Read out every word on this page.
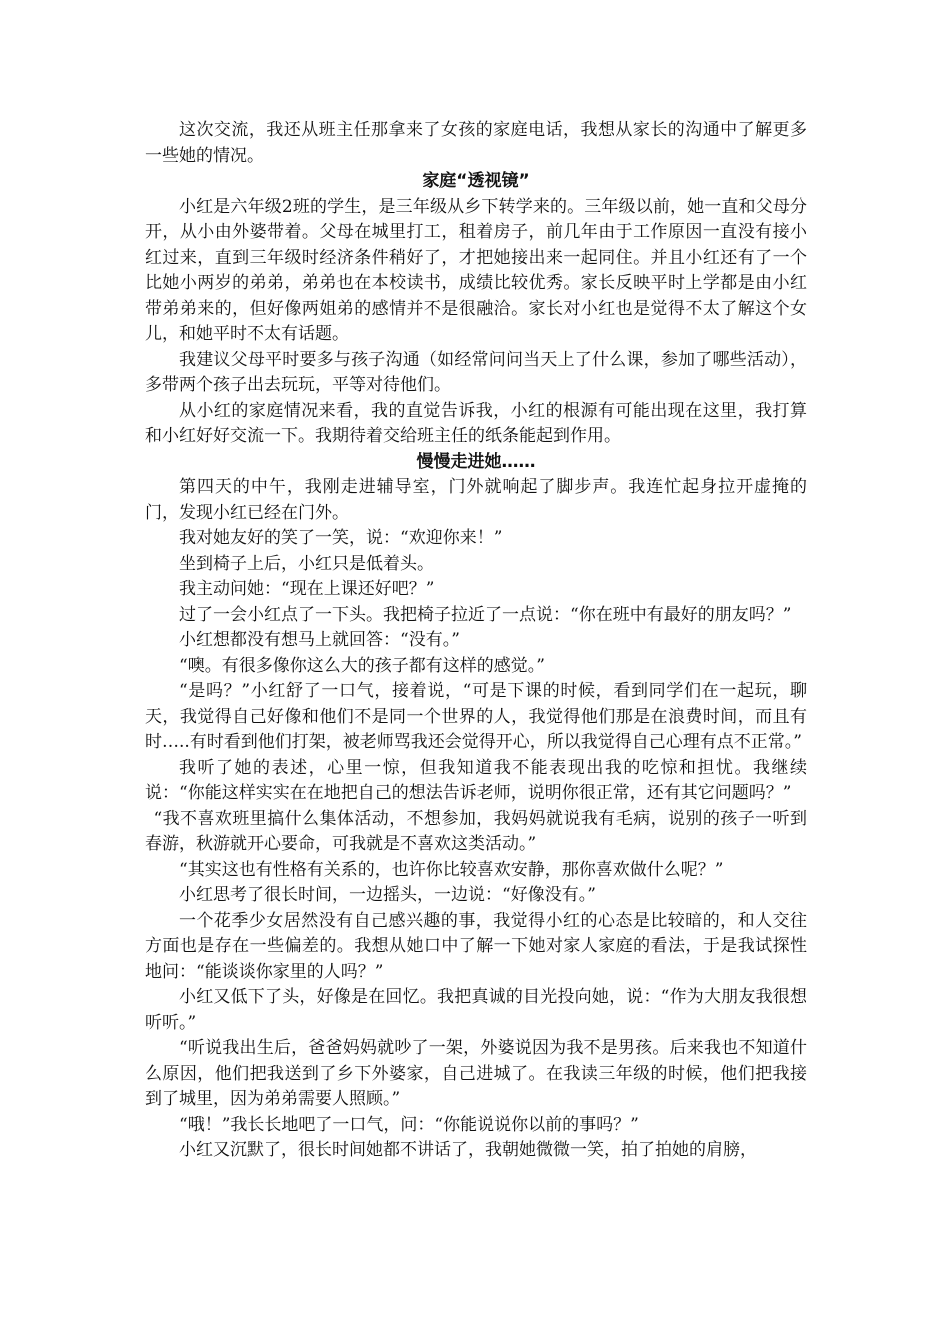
这次交流，我还从班主任那拿来了女孩的家庭电话，我想从家长的沟通中了解更多一些她的情况。

家庭“透视镜”

小红是六年级2班的学生，是三年级从乡下转学来的。三年级以前，她一直和父母分开，从小由外婆带着。父母在城里打工，租着房子，前几年由于工作原因一直没有接小红过来，直到三年级时经济条件稍好了，才把她接出来一起同住。并且小红还有了一个比她小两岁的弟弟，弟弟也在本校读书，成绩比较优秀。家长反映平时上学都是由小红带弟弟来的，但好像两姐弟的感情并不是很融洽。家长对小红也是觉得不太了解这个女儿，和她平时不太有话题。

我建议父母平时要多与孩子沟通（如经常问问当天上了什么课，参加了哪些活动），多带两个孩子出去玩玩，平等对待他们。

从小红的家庭情况来看，我的直觉告诉我，小红的根源有可能出现在这里，我打算和小红好好交流一下。我期待着交给班主任的纸条能起到作用。

慢慢走进她……

第四天的中午，我刚走进辅导室，门外就响起了脚步声。我连忙起身拉开虚掩的门，发现小红已经在门外。

我对她友好的笑了一笑，说：“欢迎你来！”

坐到椅子上后，小红只是低着头。

我主动问她：“现在上课还好吧？”

过了一会小红点了一下头。我把椅子拉近了一点说：“你在班中有最好的朋友吗？”

小红想都没有想马上就回答：“没有。”

“噢。有很多像你这么大的孩子都有这样的感觉。”

“是吗？”小红舒了一口气，接着说，“可是下课的时候，看到同学们在一起玩，聊天，我觉得自己好像和他们不是同一个世界的人，我觉得他们那是在浪费时间，而且有时…..有时看到他们打架，被老师骂我还会觉得开心，所以我觉得自己心理有点不正常。”

我听了她的表述，心里一惊，但我知道我不能表现出我的吃惊和担忧。我继续说：“你能这样实实在在地把自己的想法告诉老师，说明你很正常，还有其它问题吗？”

“我不喜欢班里搞什么集体活动，不想参加，我妈妈就说我有毛病，说别的孩子一听到春游，秋游就开心要命，可我就是不喜欢这类活动。”

“其实这也有性格有关系的，也许你比较喜欢安静，那你喜欢做什么呢？”

小红思考了很长时间，一边摇头，一边说：“好像没有。”

一个花季少女居然没有自己感兴趣的事，我觉得小红的心态是比较暗的，和人交往方面也是存在一些偏差的。我想从她口中了解一下她对家人家庭的看法，于是我试探性地问：“能谈谈你家里的人吗？”

小红又低下了头，好像是在回忆。我把真诚的目光投向她，说：“作为大朋友我很想听听。”

“听说我出生后，爸爸妈妈就吵了一架，外婆说因为我不是男孩。后来我也不知道什么原因，他们把我送到了乡下外婆家，自己进城了。在我读三年级的时候，他们把我接到了城里，因为弟弟需要人照顾。”

“哦！”我长长地吧了一口气，问：“你能说说你以前的事吗？”

小红又沉默了，很长时间她都不讲话了，我朝她微微一笑，拍了拍她的肩膀，
